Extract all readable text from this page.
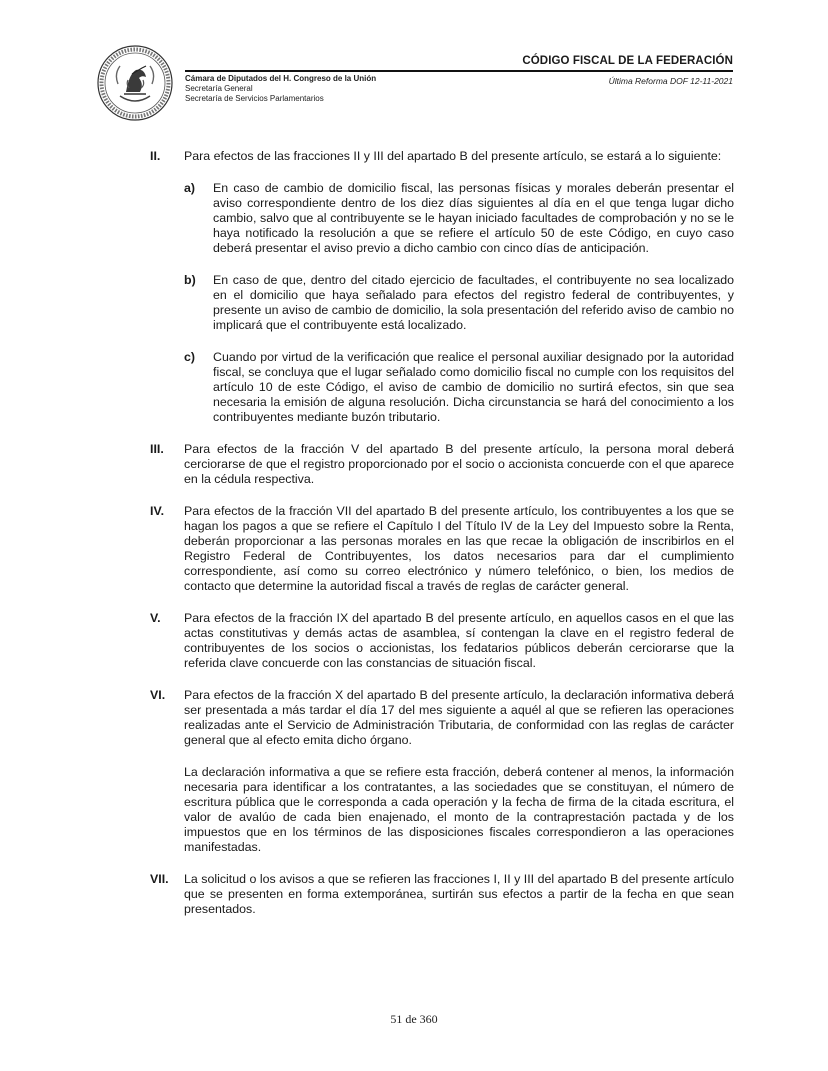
CÓDIGO FISCAL DE LA FEDERACIÓN
Última Reforma DOF 12-11-2021
Cámara de Diputados del H. Congreso de la Unión
Secretaría General
Secretaría de Servicios Parlamentarios
II.	Para efectos de las fracciones II y III del apartado B del presente artículo, se estará a lo siguiente:

a)	En caso de cambio de domicilio fiscal, las personas físicas y morales deberán presentar el aviso correspondiente dentro de los diez días siguientes al día en el que tenga lugar dicho cambio, salvo que al contribuyente se le hayan iniciado facultades de comprobación y no se le haya notificado la resolución a que se refiere el artículo 50 de este Código, en cuyo caso deberá presentar el aviso previo a dicho cambio con cinco días de anticipación.
b)	En caso de que, dentro del citado ejercicio de facultades, el contribuyente no sea localizado en el domicilio que haya señalado para efectos del registro federal de contribuyentes, y presente un aviso de cambio de domicilio, la sola presentación del referido aviso de cambio no implicará que el contribuyente está localizado.
c)	Cuando por virtud de la verificación que realice el personal auxiliar designado por la autoridad fiscal, se concluya que el lugar señalado como domicilio fiscal no cumple con los requisitos del artículo 10 de este Código, el aviso de cambio de domicilio no surtirá efectos, sin que sea necesaria la emisión de alguna resolución. Dicha circunstancia se hará del conocimiento a los contribuyentes mediante buzón tributario.
III.	Para efectos de la fracción V del apartado B del presente artículo, la persona moral deberá cerciorarse de que el registro proporcionado por el socio o accionista concuerde con el que aparece en la cédula respectiva.

IV.	Para efectos de la fracción VII del apartado B del presente artículo, los contribuyentes a los que se hagan los pagos a que se refiere el Capítulo I del Título IV de la Ley del Impuesto sobre la Renta, deberán proporcionar a las personas morales en las que recae la obligación de inscribirlos en el Registro Federal de Contribuyentes, los datos necesarios para dar el cumplimiento correspondiente, así como su correo electrónico y número telefónico, o bien, los medios de contacto que determine la autoridad fiscal a través de reglas de carácter general.

V.	Para efectos de la fracción IX del apartado B del presente artículo, en aquellos casos en el que las actas constitutivas y demás actas de asamblea, sí contengan la clave en el registro federal de contribuyentes de los socios o accionistas, los fedatarios públicos deberán cerciorarse que la referida clave concuerde con las constancias de situación fiscal.

VI.	Para efectos de la fracción X del apartado B del presente artículo, la declaración informativa deberá ser presentada a más tardar el día 17 del mes siguiente a aquél al que se refieren las operaciones realizadas ante el Servicio de Administración Tributaria, de conformidad con las reglas de carácter general que al efecto emita dicho órgano.

La declaración informativa a que se refiere esta fracción, deberá contener al menos, la información necesaria para identificar a los contratantes, a las sociedades que se constituyan, el número de escritura pública que le corresponda a cada operación y la fecha de firma de la citada escritura, el valor de avalúo de cada bien enajenado, el monto de la contraprestación pactada y de los impuestos que en los términos de las disposiciones fiscales correspondieron a las operaciones manifestadas.

VII.	La solicitud o los avisos a que se refieren las fracciones I, II y III del apartado B del presente artículo que se presenten en forma extemporánea, surtirán sus efectos a partir de la fecha en que sean presentados.

51 de 360
